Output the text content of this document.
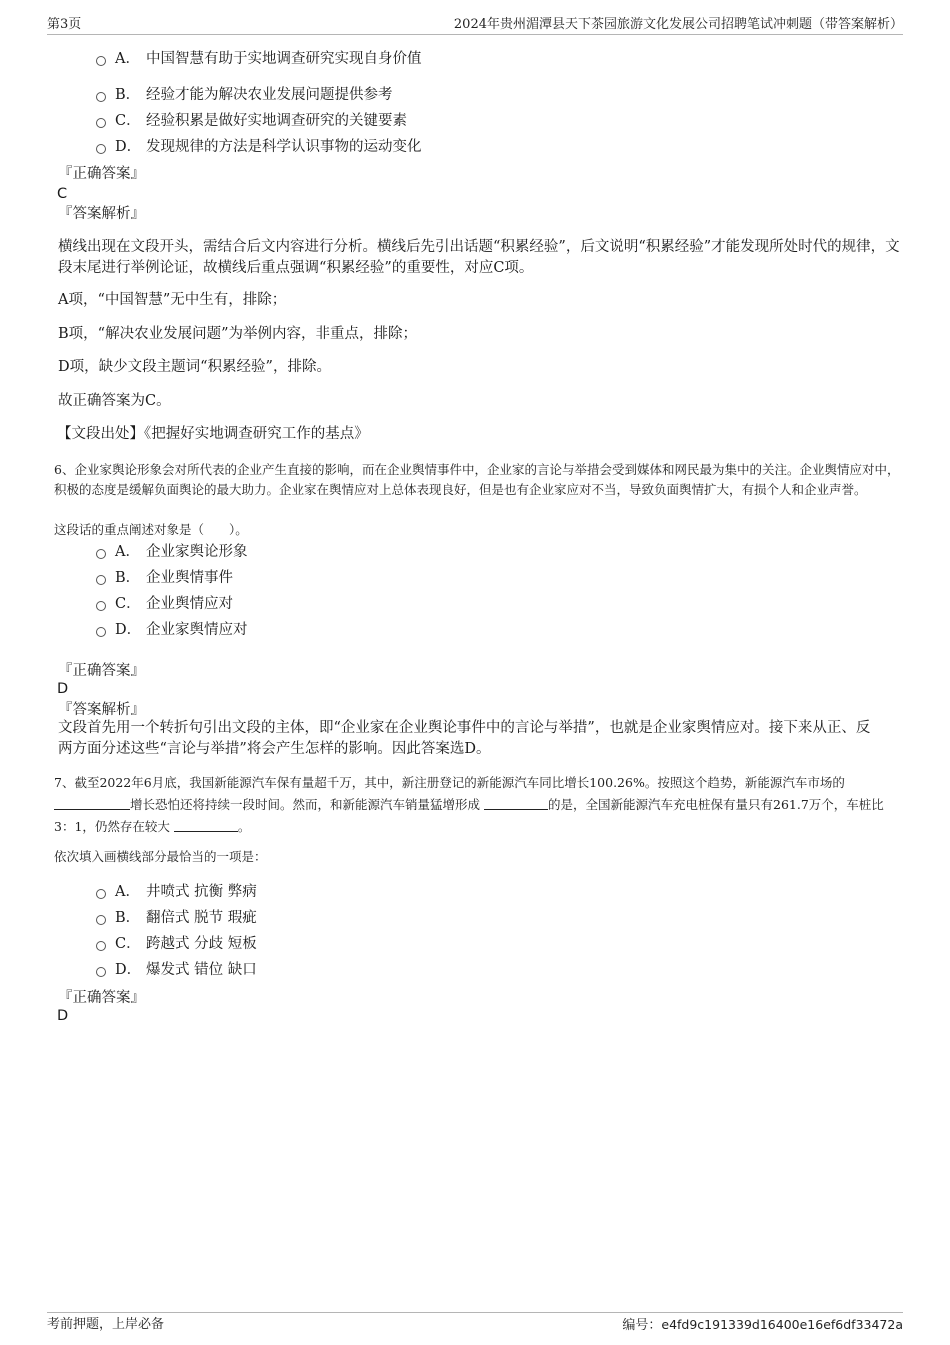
第3页	2024年贵州湄潭县天下茶园旅游文化发展公司招聘笔试冲刺题（带答案解析）
A． 中国智慧有助于实地调查研究实现自身价值
B． 经验才能为解决农业发展问题提供参考
C． 经验积累是做好实地调查研究的关键要素
D． 发现规律的方法是科学认识事物的运动变化
『正确答案』
C
『答案解析』
横线出现在文段开头，需结合后文内容进行分析。横线后先引出话题“积累经验”，后文说明“积累经验”才能发现所处时代的规律，文段末尾进行举例论证，故横线后重点强调“积累经验”的重要性，对应C项。
A项，“中国智慧”无中生有，排除；
B项，“解决农业发展问题”为举例内容，非重点，排除；
D项，缺少文段主题词“积累经验”，排除。
故正确答案为C。
【文段出处】《把握好实地调查研究工作的基点》
6、企业家舆论形象会对所代表的企业产生直接的影响，而在企业舆情事件中，企业家的言论与举措会受到媒体和网民最为集中的关注。企业舆情应对中，积极的态度是缓解负面舆论的最大助力。企业家在舆情应对上总体表现良好，但是也有企业家应对不当，导致负面舆情扩大，有损个人和企业声誉。
这段话的重点阐述对象是（　　）。
A． 企业家舆论形象
B． 企业舆情事件
C． 企业舆情应对
D． 企业家舆情应对
『正确答案』
D
『答案解析』
文段首先用一个转折句引出文段的主体，即“企业家在企业舆论事件中的言论与举措”，也就是企业家舆情应对。接下来从正、反两方面分述这些“言论与举措”将会产生怎样的影响。因此答案选D。
7、截至2022年6月底，我国新能源汽车保有量超千万，其中，新注册登记的新能源汽车同比增长100.26%。按照这个趋势，新能源汽车市场的 增长恐怕还将持续一段时间。然而，和新能源汽车销量猛增形成	的是，全国新能源汽车充电桩保有量只有261.7万个，车桩比3：1，仍然存在较大	。
依次填入画横线部分最恰当的一项是：
A． 井喷式 抗衡 弊病
B． 翻倍式 脱节 瑕疵
C． 跨越式 分歧 短板
D． 爆发式 错位 缺口
『正确答案』
D
考前押题，上岸必备	编号：e4fd9c191339d16400e16ef6df33472a
